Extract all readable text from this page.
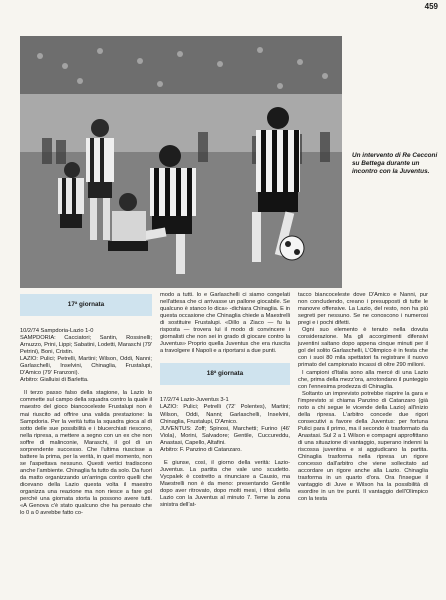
459
Un intervento di Re Cecconi su Bettega durante un incontro con la Juventus.
17ª giornata

10/2/74 Sampdoria-Lazio 1-0

SAMPDORIA: Cacciatori; Santin, Rossinelli; Arnuzzo, Prini, Lippi; Sabatini, Lodetti, Maraschi (79' Petrini), Boni, Cristin.

LAZIO: Pulici; Petrelli, Martini; Wilson, Oddi, Nanni; Garlaschelli, Inselvini, Chinaglia, Frustalupi, D'Amico (79' Franzoni).

Arbitro: Gialluisi di Barletta.

Il terzo passo falso della stagione, la Lazio lo commette sul campo della squadra contro la quale il maestro del gioco biancoceleste Frustalupi non è mai riuscito ad offrire una valida prestazione: la Sampdoria. Per la verità tutta la squadra gioca al di sotto delle sue possibilità e i blucerchiati riescono, nella ripresa, a mettere a segno con un ex che non soffre di malinconie, Maraschi, il gol di un sorprendente successo. Che l'ultima riuscisse a battere la prima, per la verità, in quel momento, non se l'aspettava nessuno. Questi vertici tradiscono anche l'ambiente. Chinaglia fa tutto da solo. Da fuori da matto organizzando un'arringa contro quelli che dicevano della Lazio questa volta il maestro organizza una reazione ma non riesce a fare gol perché una giornata storta la possono avere tutti. «A Genova c'è stato qualcuno che ha pensato che lo 0 a 0 avrebbe fatto co-

modo a tutti. Io e Garlaschelli ci siamo congelati nell'attesa che ci arrivasse un pallone giocabile. Se qualcuno è stanco lo dica» -dichiara Chinaglia. E in questa occasione che Chinaglia chiede a Maestrelli di sostituire Frustalupi. «Dillo a Ziaco — fu la risposta — trovera lui il modo di convincere i giornalisti che non sei in grado di giocare contro la Juventus» Proprio quella Juventus che era riuscita a travolgere il Napoli e a riportarsi a due punti.

18ª giornata

17/2/74 Lazio-Juventus 3-1

LAZIO: Pulici; Petrelli (72' Polentes), Martini; Wilson, Oddi, Nanni; Garlaschelli, Inselvini, Chinaglia, Frustalupi, D'Amico.

JUVENTUS: Zoff; Spinosi, Marchetti; Furino (46' Viola), Morini, Salvadore; Gentile, Cuccureddu, Anastasi, Capello, Altafini.

Arbitro: F. Panzino di Catanzaro.

E giunse, così, il giorno della verità: Lazio-Juventus. La partita che vale uno scudetto. Vycpalek è costretto a rinunciare a Causio, ma Maestrelli non è da meno: presentando Gentile dopo aver ritrovato, dopo molti mesi, i tifosi della Lazio con la Juventus al minuto 7. Teme la zona sinistra dell'at-

tacco biancoceleste dove D'Amico e Nanni, pur non concludendo, creano i presupposti di tutte le manovre offensive. La Lazio, del resto, non ha più segreti per nessuno. Se ne conoscono i numerosi pregi e i pochi difetti.

Ogni suo elemento è tenuto nella dovuta considerazione. Ma gli accorgimenti difensivi juventini saltano dopo appena cinque minuti per il gol del solito Garlaschelli, L'Olimpico è in festa che con i suoi 80 mila spettatori fa registrare il nuovo primato del campionato incassi di oltre 290 milioni.

I campioni d'Italia sono alla mercé di una Lazio che, prima della mezz'ora, arrotondano il punteggio con l'ennesima prodezza di Chinaglia.

Soltanto un imprevisto potrebbe riaprire la gara e l'imprevisto si chiama Panzino di Catanzaro (già noto a chi segue le vicende della Lazio) all'inizio della ripresa. L'arbitro concede due rigori consecutivi a favore della Juventus: per fortuna Pulici para il primo, ma il secondo è trasformato da Anastasi. Sul 2 a 1 Wilson e compagni approfittano di una situazione di vantaggio, superano indenni la riscossa juventina e si aggiudicano la partita. Chinaglia trasforma nella ripresa un rigore concesso dall'arbitro che viene sollecitato ad accordare un rigore anche alla Lazio. Chinaglia trasforma in un quarto d'ora. Ora l'insegue il vantaggio di Juve e Wilson ha la possibilità di esordire in un tre punti. Il vantaggio dell'Olimpico con la testa
